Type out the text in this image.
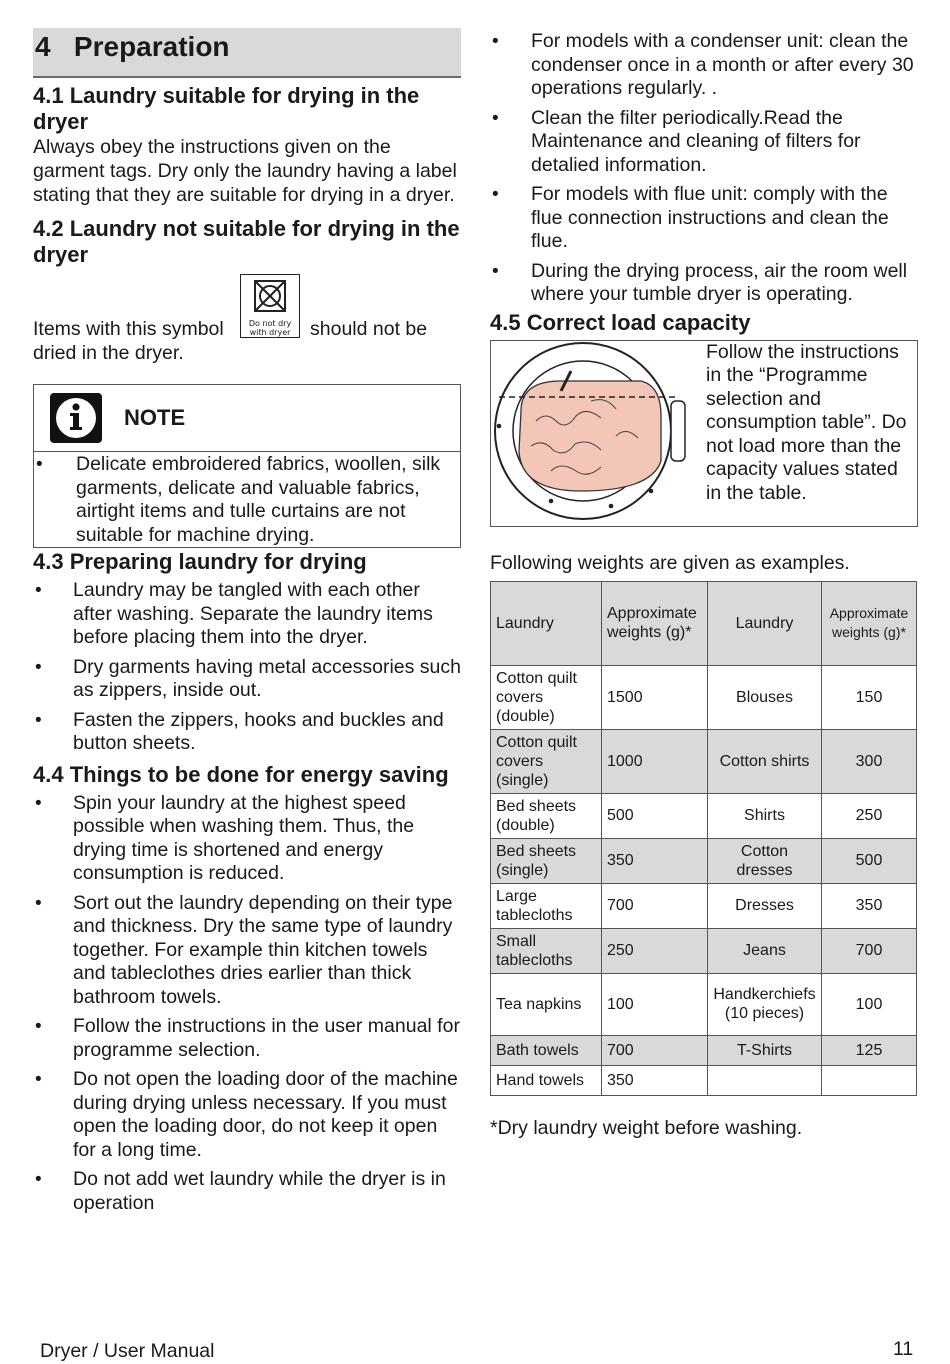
4 Preparation
4.1 Laundry suitable for drying in the dryer

Always obey the instructions given on the garment tags. Dry only the laundry having a label stating that they are suitable for drying in a dryer.

4.2 Laundry not suitable for drying in the dryer
Do not dry with dryer
Items with this symbol	should not be
dried in the dryer.
NOTE
• Delicate embroidered fabrics, woollen, silk garments, delicate and valuable fabrics, airtight items and tulle curtains are not suitable for machine drying.
4.3 Preparing laundry for drying
• Laundry may be tangled with each other after washing. Separate the laundry items before placing them into the dryer.
• Dry garments having metal accessories such as zippers, inside out.
• Fasten the zippers, hooks and buckles and button sheets.
4.4 Things to be done for energy saving
• Spin your laundry at the highest speed possible when washing them. Thus, the drying time is shortened and energy consumption is reduced.
• Sort out the laundry depending on their type and thickness. Dry the same type of laundry together. For example thin kitchen towels and tableclothes dries earlier than thick bathroom towels.
• Follow the instructions in the user manual for programme selection.
• Do not open the loading door of the machine during drying unless necessary. If you must open the loading door, do not keep it open for a long time.
• Do not add wet laundry while the dryer is in operation
• For models with a condenser unit: clean the condenser once in a month or after every 30 operations regularly. .
• Clean the filter periodically.Read the Maintenance and cleaning of filters for detalied information.
• For models with flue unit: comply with the flue connection instructions and clean the flue.
• During the drying process, air the room well where your tumble dryer is operating.
4.5 Correct load capacity
Follow the instructions in the “Programme selection and consumption table”. Do not load more than the capacity values stated in the table.

Following weights are given as examples.

Laundry	Approximate weights (g)*	Laundry	Approximate weights (g)*
Cotton quilt covers (double)	1500	Blouses	150
Cotton quilt covers (single)	1000	Cotton shirts	300
Bed sheets (double)	500	Shirts	250
Bed sheets (single)	350	Cotton dresses	500
Large tablecloths	700	Dresses	350
Small tablecloths	250	Jeans	700
Tea napkins	100	Handkerchiefs (10 pieces)	100
Bath towels	700	T-Shirts	125
Hand towels	350		

*Dry laundry weight before washing.

Dryer / User Manual	11
